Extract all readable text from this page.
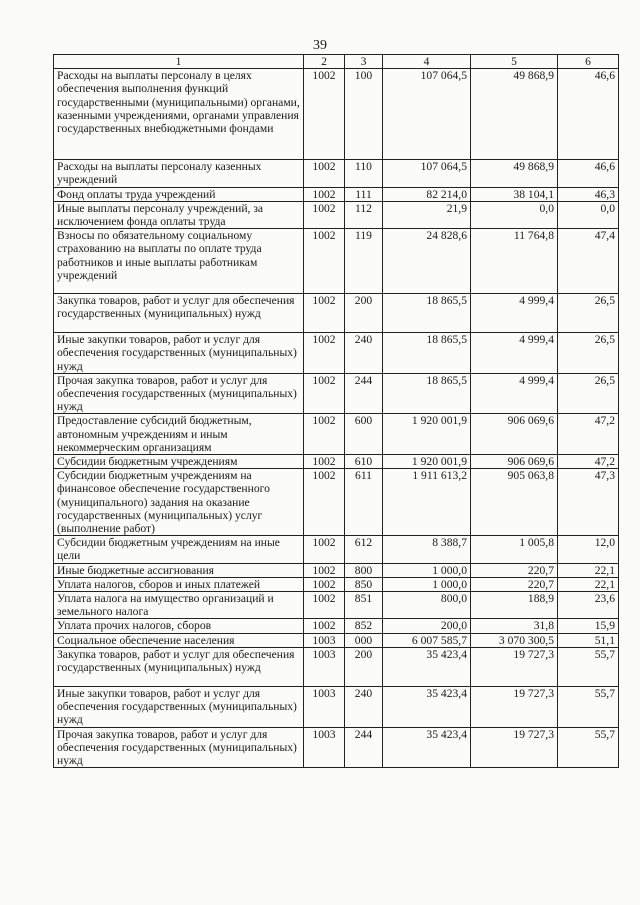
39
1	2	3	4	5	6
Расходы на выплаты персоналу в целях обеспечения выполнения функций государственными (муниципальными) органами, казенными учреждениями, органами управления государственных внебюджетными фондами	1002	100	107 064,5	49 868,9	46,6
Расходы на выплаты персоналу казенных учреждений	1002	110	107 064,5	49 868,9	46,6
Фонд оплаты труда учреждений	1002	111	82 214,0	38 104,1	46,3
Иные выплаты персоналу учреждений, за исключением фонда оплаты труда	1002	112	21,9	0,0	0,0
Взносы по обязательному социальному страхованию на выплаты по оплате труда работников и иные выплаты работникам учреждений	1002	119	24 828,6	11 764,8	47,4
Закупка товаров, работ и услуг для обеспечения государственных (муниципальных) нужд	1002	200	18 865,5	4 999,4	26,5
Иные закупки товаров, работ и услуг для обеспечения государственных (муниципальных) нужд	1002	240	18 865,5	4 999,4	26,5
Прочая закупка товаров, работ и услуг для обеспечения государственных (муниципальных) нужд	1002	244	18 865,5	4 999,4	26,5
Предоставление субсидий бюджетным, автономным учреждениям и иным некоммерческим организациям	1002	600	1 920 001,9	906 069,6	47,2
Субсидии бюджетным учреждениям	1002	610	1 920 001,9	906 069,6	47,2
Субсидии бюджетным учреждениям на финансовое обеспечение государственного (муниципального) задания на оказание государственных (муниципальных) услуг (выполнение работ)	1002	611	1 911 613,2	905 063,8	47,3
Субсидии бюджетным учреждениям на иные цели	1002	612	8 388,7	1 005,8	12,0
Иные бюджетные ассигнования	1002	800	1 000,0	220,7	22,1
Уплата налогов, сборов и иных платежей	1002	850	1 000,0	220,7	22,1
Уплата налога на имущество организаций и земельного налога	1002	851	800,0	188,9	23,6
Уплата прочих налогов, сборов	1002	852	200,0	31,8	15,9
Социальное обеспечение населения	1003	000	6 007 585,7	3 070 300,5	51,1
Закупка товаров, работ и услуг для обеспечения государственных (муниципальных) нужд	1003	200	35 423,4	19 727,3	55,7
Иные закупки товаров, работ и услуг для обеспечения государственных (муниципальных) нужд	1003	240	35 423,4	19 727,3	55,7
Прочая закупка товаров, работ и услуг для обеспечения государственных (муниципальных) нужд	1003	244	35 423,4	19 727,3	55,7
